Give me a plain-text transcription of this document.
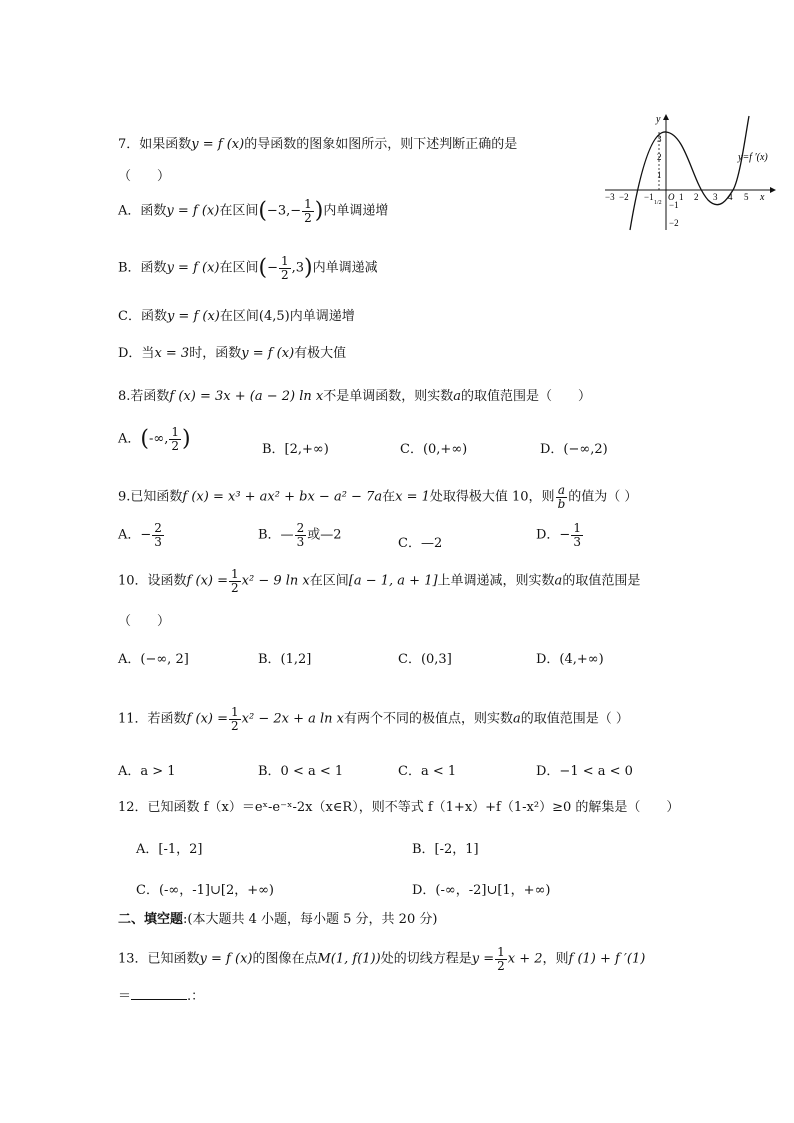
7．如果函数y = f (x)的导函数的图象如图所示，则下述判断正确的是
（　　）
A．函数y = f (x)在区间($-3,- \frac{1}{2}$ )内单调递增
B．函数y = f (x)在区间(− $\frac{1}{2} ,3$)内单调递减
C．函数y = f (x)在区间(4,5)内单调递增
D．当x = 3时，函数y = f (x)有极大值
x
y
y=f ′(x)
−3 −2 −1 O 1 2 3 4 5
3
2
1
−1
−2
1/2
8.若函数f (x) = 3x + (a − 2) ln x不是单调函数，则实数a的取值范围是（　　）
A．(-∞, $\frac{1}{2}$ )	B．[2,+∞)	C．(0,+∞)	D．(−∞,2)
9.已知函数f (x) = x³ + ax² + bx − a² − 7a在x = 1处取得极大值 10，则 $\frac{a}{b}$ 的值为（ ）
A．− $\frac{2}{3}$	B．— $\frac{2}{3}$ 或—2
C．—2
D．− $\frac{1}{3}$
10．设函数f $(x) = \frac{1}{2} x^2 - 9$ ln x在区间[a − 1, a + 1]上单调递减，则实数a的取值范围是
（　　）
A．(−∞, 2]	B．(1,2]	C．(0,3]	D．(4,+∞)
11．若函数f $(x) = \frac{1}{2} x^2 - 2x + a$ ln x有两个不同的极值点，则实数a的取值范围是（ ）
A．a > 1	B．0 < a < 1	C．a < 1	D．−1 < a < 0
12．已知函数 f（x）＝eˣ-e⁻ˣ-2x（x∈R），则不等式 f（1+x）+f（1-x²）≥0 的解集是（　　）
A．[-1，2]	B．[-2，1]
C．(-∞，-1]∪[2，+∞)	D．(-∞，-2]∪[1，+∞)
二、填空题:(本大题共 4 小题，每小题 5 分，共 20 分)
13．已知函数y = f (x)的图像在点M(1, f(1))处的切线方程是$y = \frac{1}{2}$ x + 2，则f (1) + f ′(1)
＝	.：
